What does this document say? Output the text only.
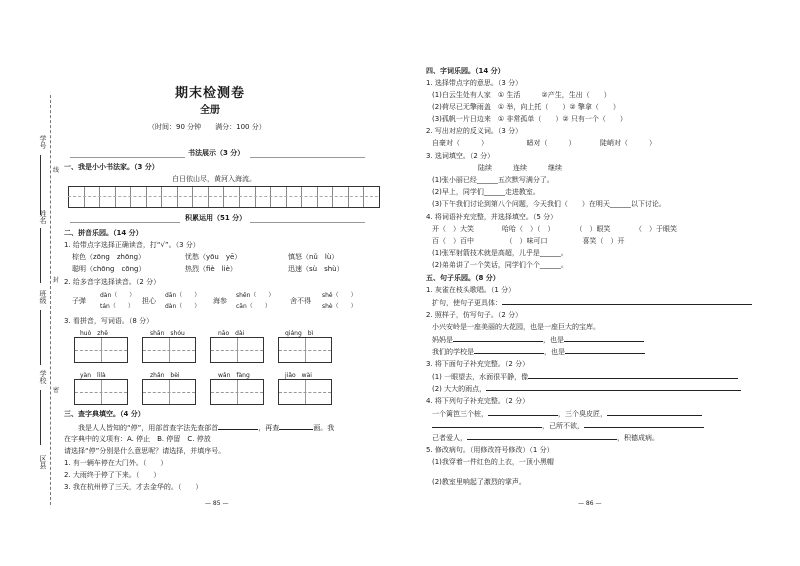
学号
姓名
班级
学校
区县
线
封
密
期末检测卷
全册
（时间：90 分钟　　满分：100 分）
书法展示（3 分）
一、我是小小书法家。（3 分）
白日依山尽，黄河入海流。
积累运用（51 分）
二、拼音乐园。（14 分）
1. 给带点字选择正确读音，打“√”。（3 分）
棕色（zōng　zhōng）	忧愁（yōu　yē）	慎怒（nǔ　lù）
聪明（chōng　cōng）	热烈（fiè　liè）	迅速（sù　shù）
2. 给多音字选择读音。（2 分）
子弹
dàn（　　）
tán（　　）
担心
dān（　　）
dàn（　　）
海参
shēn（　　）
cān（　　）
舍不得
shě（　　）
shè（　　）
3. 看拼音，写词语。（8 分）
huò　zhě	shān　shóu	nāo　dài	qiáng　bì
yàn　lìlà	zhǎn　bèi	wǎn　fàng	jiǎo　wài
三、查字典填空。（4 分）
我是人人皆知的“停”，用部首查字法先查部首	，再查	画。我
在字典中的义项有：A. 停止　B. 停留　C. 停放
请选择“停”分别是什么意思呢？请选择，并填序号。
1. 有一辆车停在大门外。（　　）
2. 大雨终于停了下来。（　　）
3. 我在杭州停了三天，才去金华的。（　　）
— 85 —
四、字词乐园。（14 分）
1. 选择带点字的意思。（3 分）
(1)白云生处有人家　① 生活　　　②产生，生出（　　）
(2)荷尽已无擎雨盖　① 举，向上托（　　）② 擎拿（　　）
(3)孤帆一片日边来　① 非常孤单（　　）② 只有一个（　　）
2. 写出对应的反义词。（3 分）
自豪对（　　　）　　　　　　暗对（　　　）　　　　陡峭对（　　　）
3. 选词填空。（2 分）
陆续　　　连续　　　继续
(1)张小丽已经______五次默写满分了。
(2)早上，同学们______走进教室。
(3)下午我们讨论到第八个问题，今天我们（　　）在明天______以下讨论。
4. 将词语补充完整，并选择填空。（5 分）
开（　）大笑　　　　哈哈（　）（　）　　　　（　）眼笑　　　　（　）于眼笑
百（　）百中　　　　　（　）味可口　　　　　喜笑（　）开
(1)张军射箭技术就是高超，儿乎是______。
(2)弟弟讲了一个笑话，同学们个个______。
五、句子乐园。（8 分）
1. 灰雀在枝头歌唱。（1 分）
扩句，使句子更具体：
2. 照样子，仿写句子。（2 分）
小兴安岭是一座美丽的大花园，也是一座巨大的宝库。
妈妈是	，也是
我们的学校是	，也是
3. 将下面句子补充完整。（2 分）
(1) 一眼望去，水面很平静，像
(2) 大大的雨点，
4. 将下列句子补充完整。（2 分）
一个篱笆三个桩，	，三个臭皮匠，
，己所不欲，
己者爱人，	，积德成病。
5. 修改病句。（用修改符号修改）（1 分）
(1)我穿着一件红色的上衣，一顶小黑帽
(2)教室里响起了激烈的掌声。
— 86 —
